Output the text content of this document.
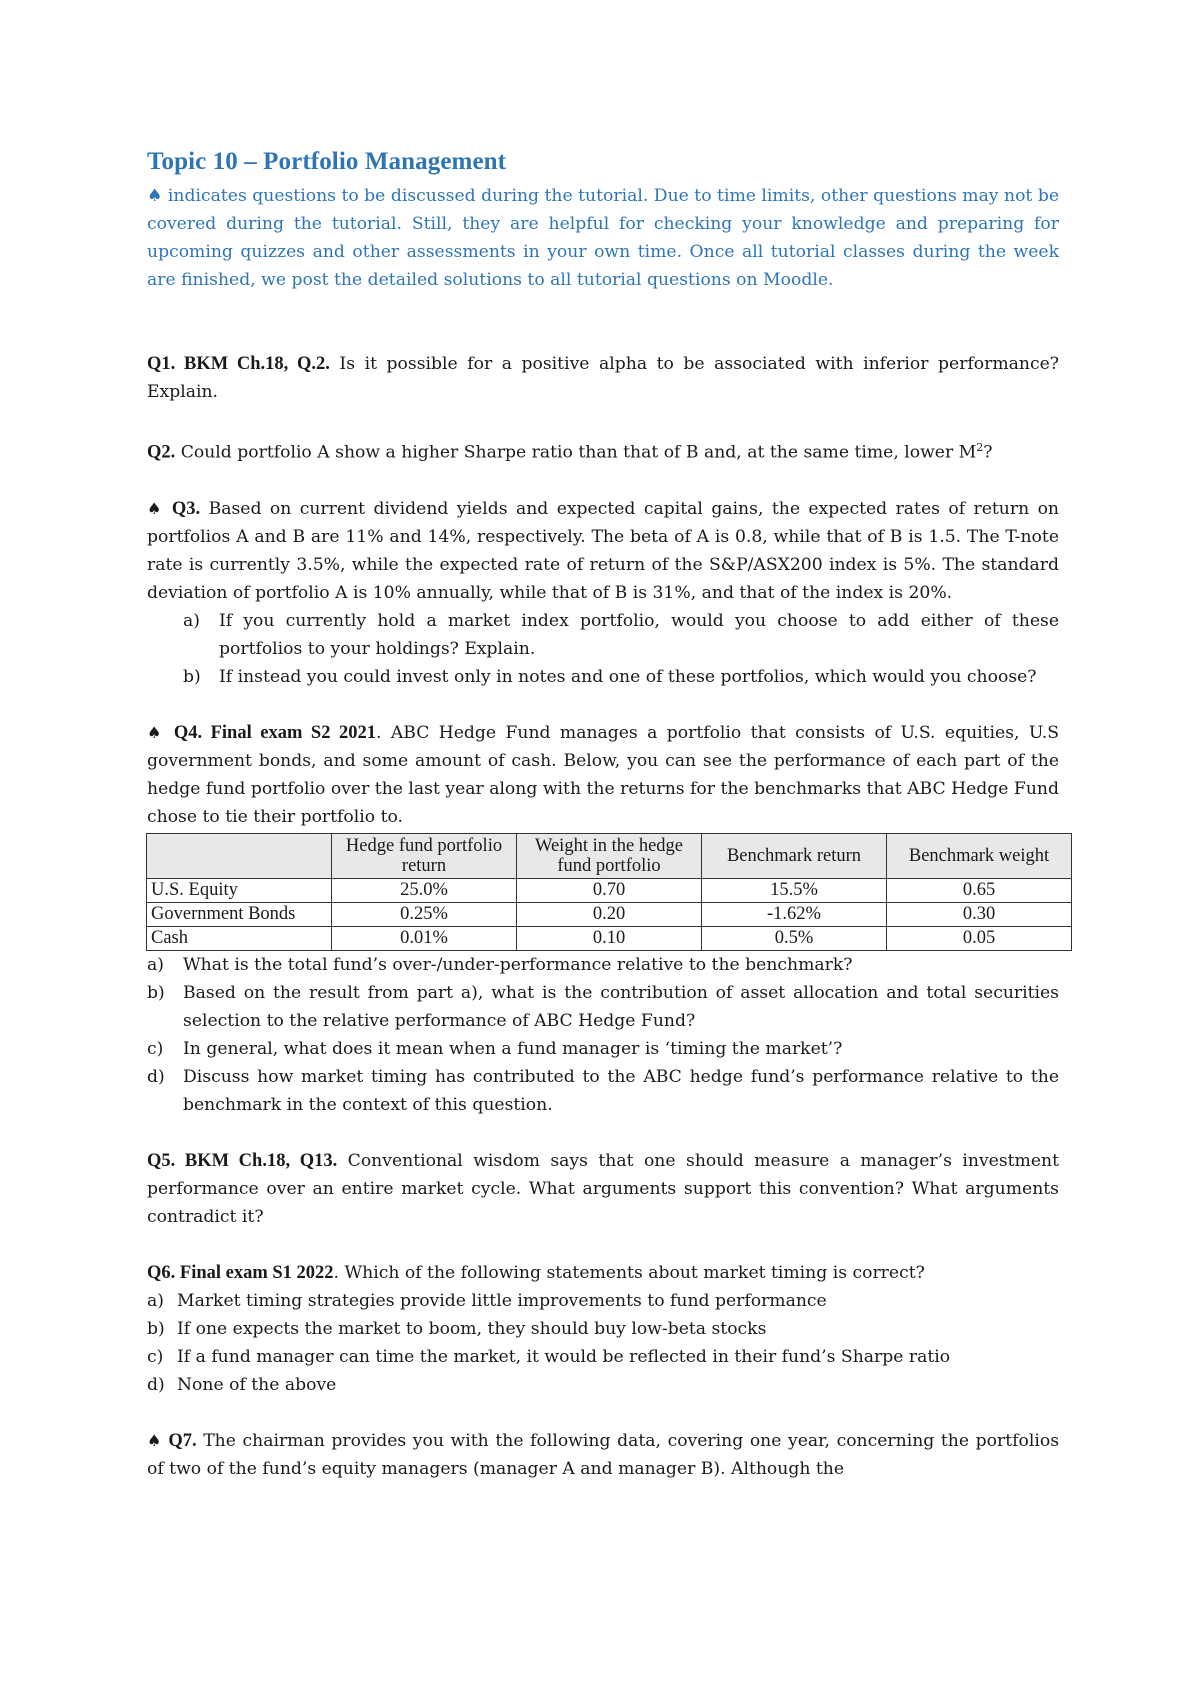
Topic 10 – Portfolio Management

♠ indicates questions to be discussed during the tutorial. Due to time limits, other questions may not be covered during the tutorial. Still, they are helpful for checking your knowledge and preparing for upcoming quizzes and other assessments in your own time. Once all tutorial classes during the week are finished, we post the detailed solutions to all tutorial questions on Moodle.

Q1. BKM Ch.18, Q.2. Is it possible for a positive alpha to be associated with inferior performance? Explain.

Q2. Could portfolio A show a higher Sharpe ratio than that of B and, at the same time, lower $M^2$?

♠ Q3. Based on current dividend yields and expected capital gains, the expected rates of return on portfolios A and B are 11% and 14%, respectively. The beta of A is 0.8, while that of B is 1.5. The T-note rate is currently 3.5%, while the expected rate of return of the S&P/ASX200 index is 5%. The standard deviation of portfolio A is 10% annually, while that of B is 31%, and that of the index is 20%.

a) If you currently hold a market index portfolio, would you choose to add either of these portfolios to your holdings? Explain.
b) If instead you could invest only in notes and one of these portfolios, which would you choose?

♠ Q4. Final exam S2 2021. ABC Hedge Fund manages a portfolio that consists of U.S. equities, U.S government bonds, and some amount of cash. Below, you can see the performance of each part of the hedge fund portfolio over the last year along with the returns for the benchmarks that ABC Hedge Fund chose to tie their portfolio to.

	Hedge fund portfolio return	Weight in the hedge fund portfolio	Benchmark return	Benchmark weight
U.S. Equity	25.0%	0.70	15.5%	0.65
Government Bonds	0.25%	0.20	-1.62%	0.30
Cash	0.01%	0.10	0.5%	0.05
a) What is the total fund’s over-/under-performance relative to the benchmark?
b) Based on the result from part a), what is the contribution of asset allocation and total securities selection to the relative performance of ABC Hedge Fund?
c) In general, what does it mean when a fund manager is ‘timing the market’?
d) Discuss how market timing has contributed to the ABC hedge fund’s performance relative to the benchmark in the context of this question.

Q5. BKM Ch.18, Q13. Conventional wisdom says that one should measure a manager’s investment performance over an entire market cycle. What arguments support this convention? What arguments contradict it?

Q6. Final exam S1 2022. Which of the following statements about market timing is correct?

a) Market timing strategies provide little improvements to fund performance
b) If one expects the market to boom, they should buy low-beta stocks
c) If a fund manager can time the market, it would be reflected in their fund’s Sharpe ratio
d) None of the above

♠ Q7. The chairman provides you with the following data, covering one year, concerning the portfolios of two of the fund’s equity managers (manager A and manager B). Although the
